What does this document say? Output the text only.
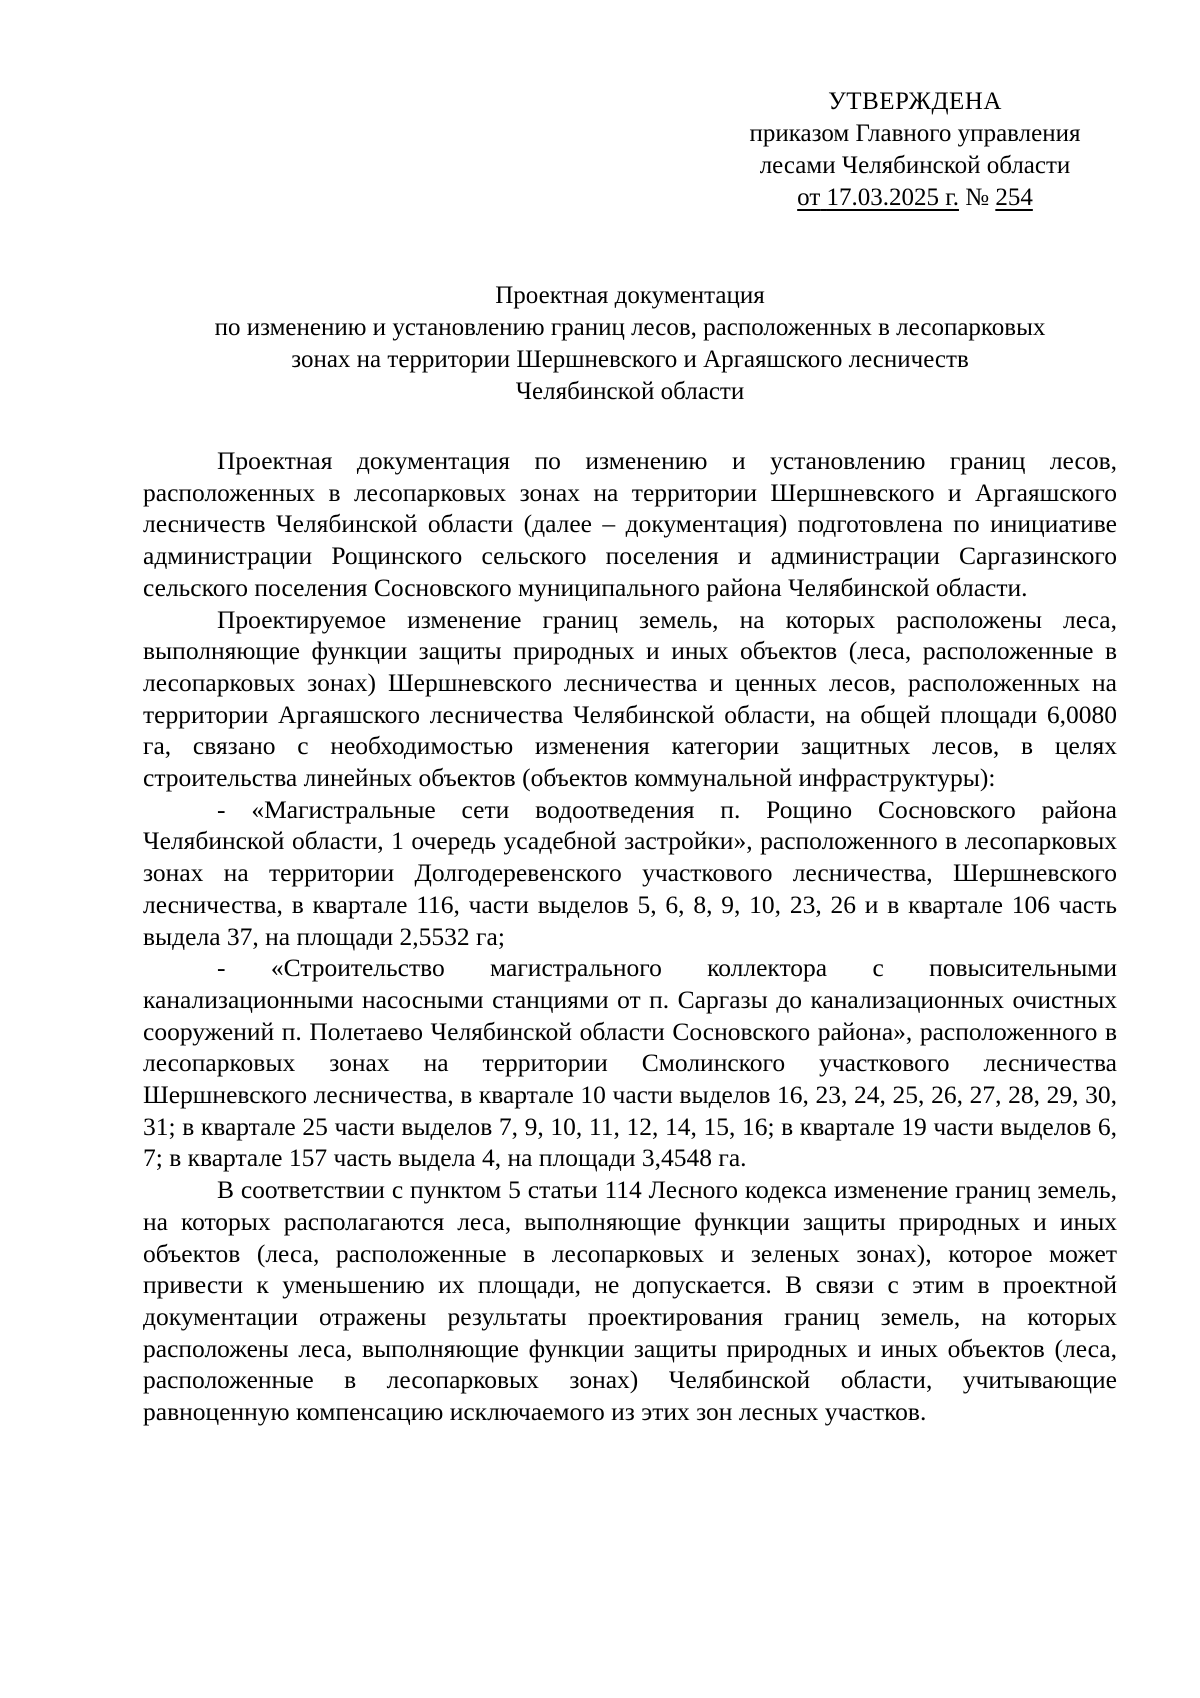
УТВЕРЖДЕНА
приказом Главного управления
лесами Челябинской области
от 17.03.2025 г. № 254
Проектная документация
по изменению и установлению границ лесов, расположенных в лесопарковых
зонах на территории Шершневского и Аргаяшского лесничеств
Челябинской области

Проектная документация по изменению и установлению границ лесов, расположенных в лесопарковых зонах на территории Шершневского и Аргаяшского лесничеств Челябинской области (далее – документация) подготовлена по инициативе администрации Рощинского сельского поселения и администрации Саргазинского сельского поселения Сосновского муниципального района Челябинской области.

Проектируемое изменение границ земель, на которых расположены леса, выполняющие функции защиты природных и иных объектов (леса, расположенные в лесопарковых зонах) Шершневского лесничества и ценных лесов, расположенных на территории Аргаяшского лесничества Челябинской области, на общей площади 6,0080 га, связано с необходимостью изменения категории защитных лесов, в целях строительства линейных объектов (объектов коммунальной инфраструктуры):

- «Магистральные сети водоотведения п. Рощино Сосновского района Челябинской области, 1 очередь усадебной застройки», расположенного в лесопарковых зонах на территории Долгодеревенского участкового лесничества, Шершневского лесничества, в квартале 116, части выделов 5, 6, 8, 9, 10, 23, 26 и в квартале 106 часть выдела 37, на площади 2,5532 га;

- «Строительство магистрального коллектора с повысительными канализационными насосными станциями от п. Саргазы до канализационных очистных сооружений п. Полетаево Челябинской области Сосновского района», расположенного в лесопарковых зонах на территории Смолинского участкового лесничества Шершневского лесничества, в квартале 10 части выделов 16, 23, 24, 25, 26, 27, 28, 29, 30, 31; в квартале 25 части выделов 7, 9, 10, 11, 12, 14, 15, 16; в квартале 19 части выделов 6, 7; в квартале 157 часть выдела 4, на площади 3,4548 га.

В соответствии с пунктом 5 статьи 114 Лесного кодекса изменение границ земель, на которых располагаются леса, выполняющие функции защиты природных и иных объектов (леса, расположенные в лесопарковых и зеленых зонах), которое может привести к уменьшению их площади, не допускается. В связи с этим в проектной документации отражены результаты проектирования границ земель, на которых расположены леса, выполняющие функции защиты природных и иных объектов (леса, расположенные в лесопарковых зонах) Челябинской области, учитывающие равноценную компенсацию исключаемого из этих зон лесных участков.
